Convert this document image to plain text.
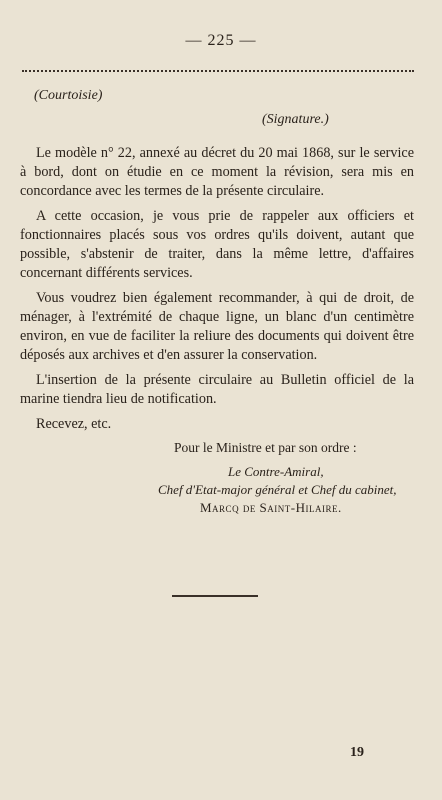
— 225 —
(Courtoisie)
(Signature.)

Le modèle n° 22, annexé au décret du 20 mai 1868, sur le service à bord, dont on étudie en ce moment la révision, sera mis en concordance avec les termes de la présente circulaire.

A cette occasion, je vous prie de rappeler aux officiers et fonctionnaires placés sous vos ordres qu'ils doivent, autant que possible, s'abstenir de traiter, dans la même lettre, d'affaires concernant différents services.

Vous voudrez bien également recommander, à qui de droit, de ménager, à l'extrémité de chaque ligne, un blanc d'un centimètre environ, en vue de faciliter la reliure des documents qui doivent être déposés aux archives et d'en assurer la conservation.

L'insertion de la présente circulaire au Bulletin officiel de la marine tiendra lieu de notification.

Recevez, etc.

Pour le Ministre et par son ordre :
Le Contre-Amiral,
Chef d'Etat-major général et Chef du cabinet,
Marcq de Saint-Hilaire.
19
